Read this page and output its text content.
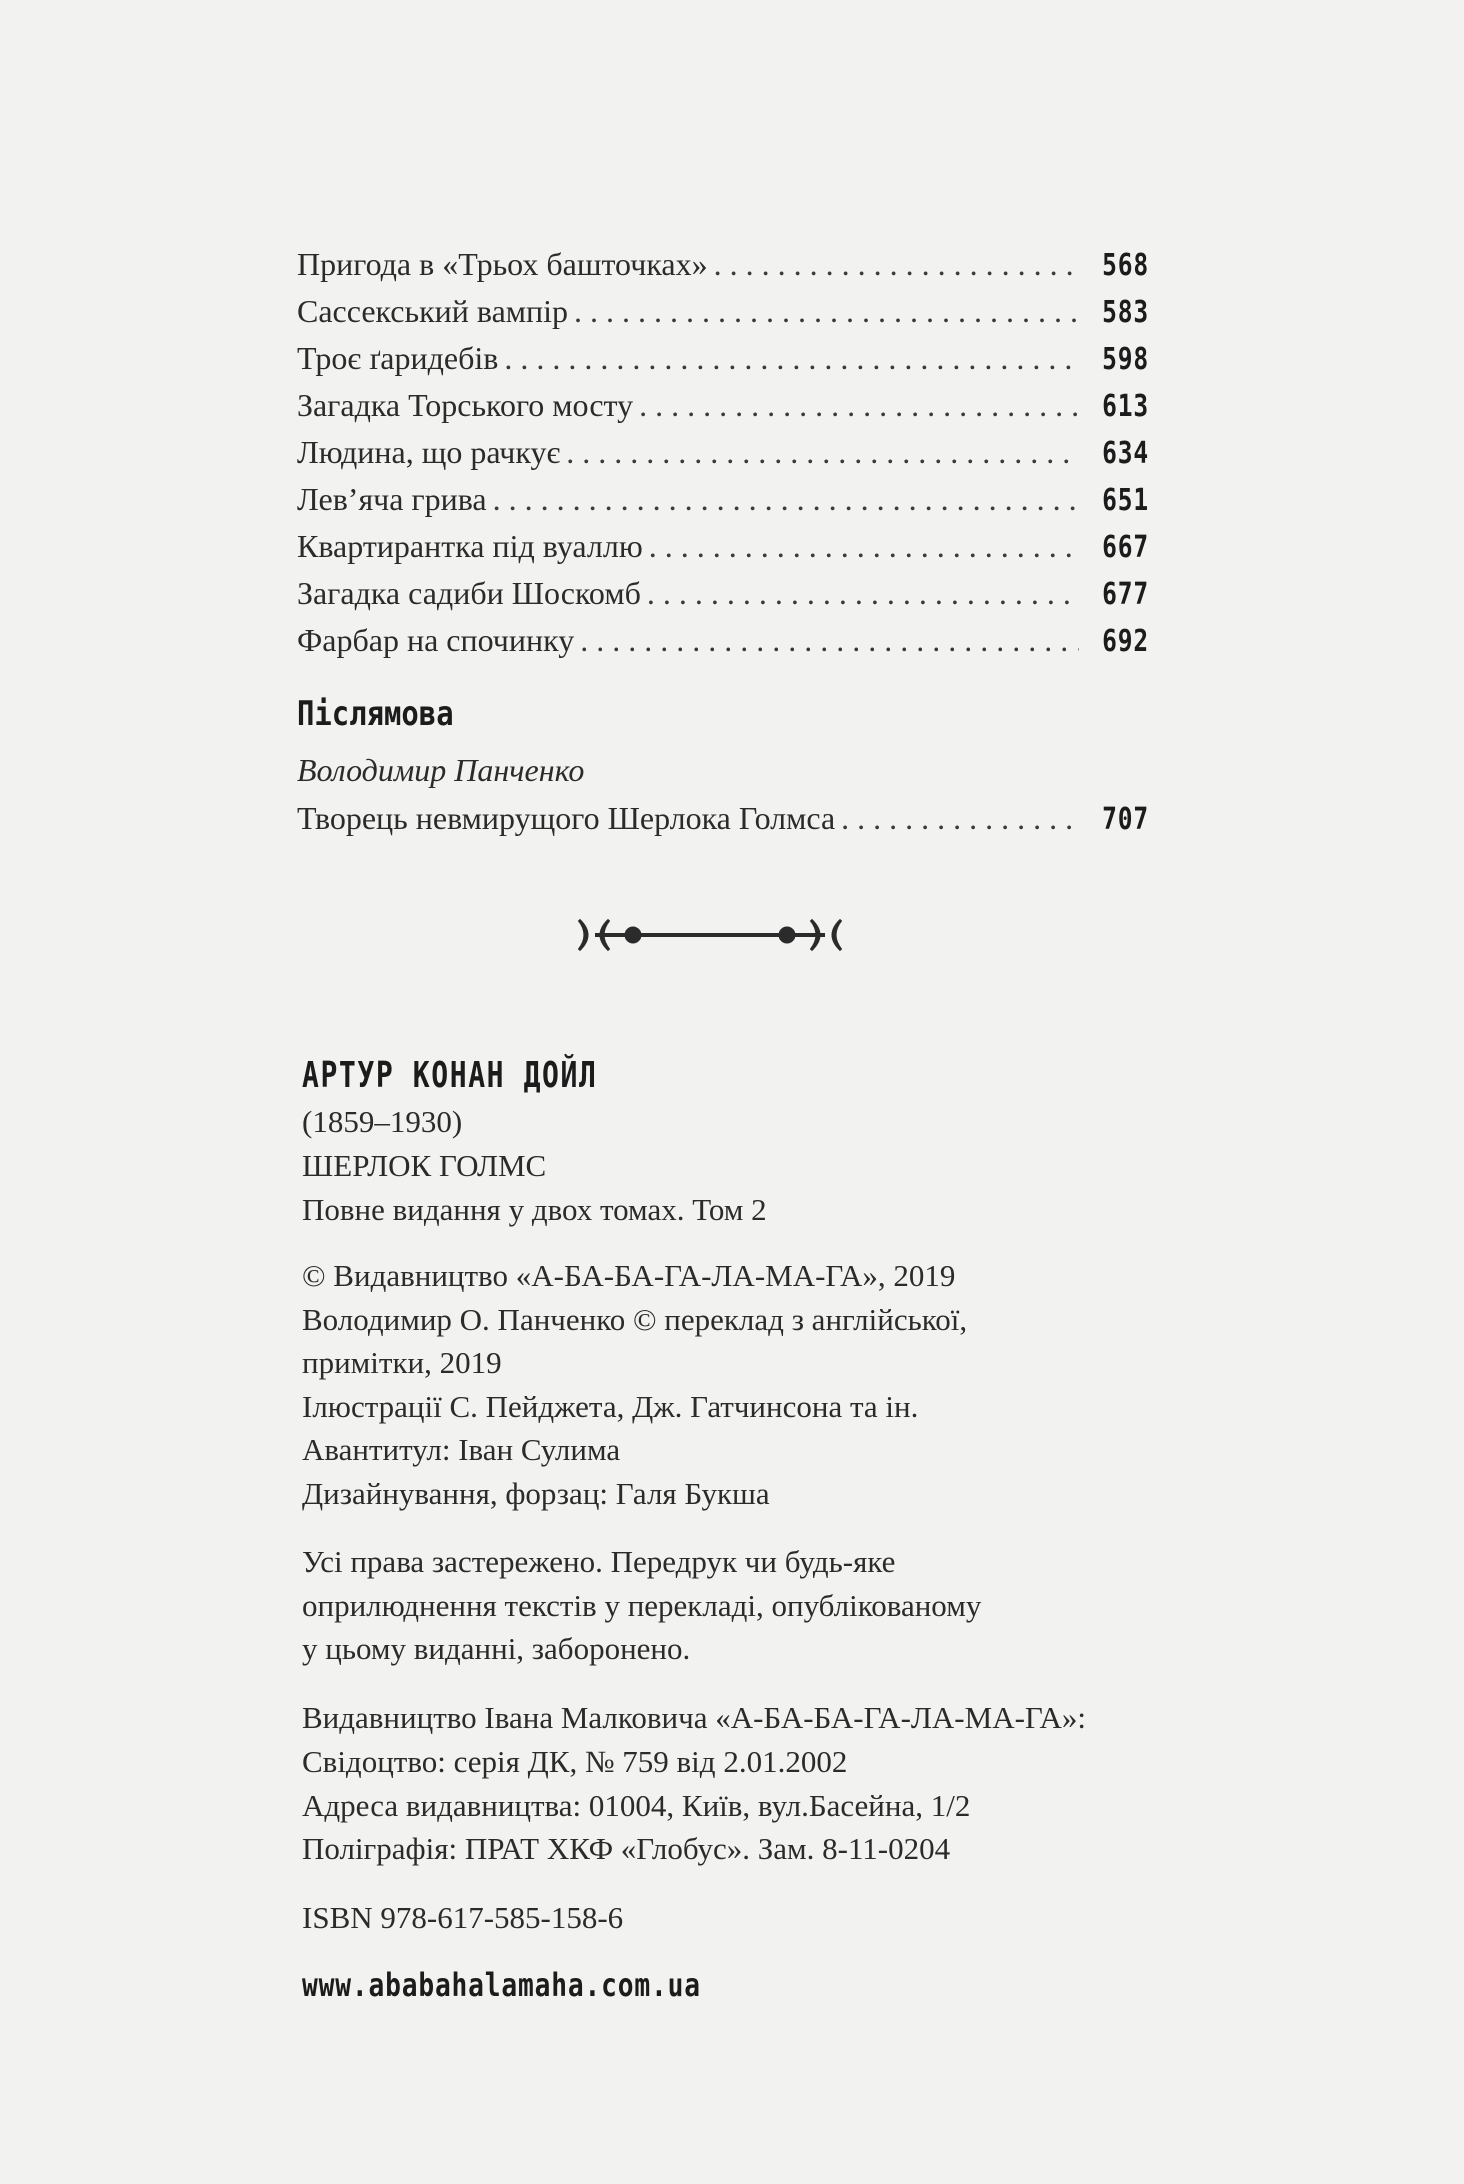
Пригода в «Трьох башточках» . . .	568
Сассекський вампір . . .	583
Троє ґаридебів . . .	598
Загадка Торського мосту . . .	613
Людина, що рачкує . . .	634
Лев’яча грива . . .	651
Квартирантка під вуаллю . . .	667
Загадка садиби Шоскомб . . .	677
Фарбар на спочинку . . .	692
Післямова
Володимир Панченко
Творець невмирущого Шерлока Голмса . . .	707
АРТУР КОНАН ДОЙЛ
(1859–1930)
ШЕРЛОК ГОЛМС
Повне видання у двох томах. Том 2
© Видавництво «А-БА-БА-ГА-ЛА-МА-ГА», 2019
Володимир О. Панченко © переклад з англійської,
примітки, 2019
Ілюстрації С. Пейджета, Дж. Гатчинсона та ін.
Авантитул: Іван Сулима
Дизайнування, форзац: Галя Букша
Усі права застережено. Передрук чи будь-яке
оприлюднення текстів у перекладі, опублікованому
у цьому виданні, заборонено.
Видавництво Івана Малковича «А-БА-БА-ГА-ЛА-МА-ГА»:
Свідоцтво: серія ДК, № 759 від 2.01.2002
Адреса видавництва: 01004, Київ, вул.Басейна, 1/2
Поліграфія: ПРАТ ХКФ «Глобус». Зам. 8-11-0204
ISBN 978-617-585-158-6
www.ababahalamaha.com.ua
